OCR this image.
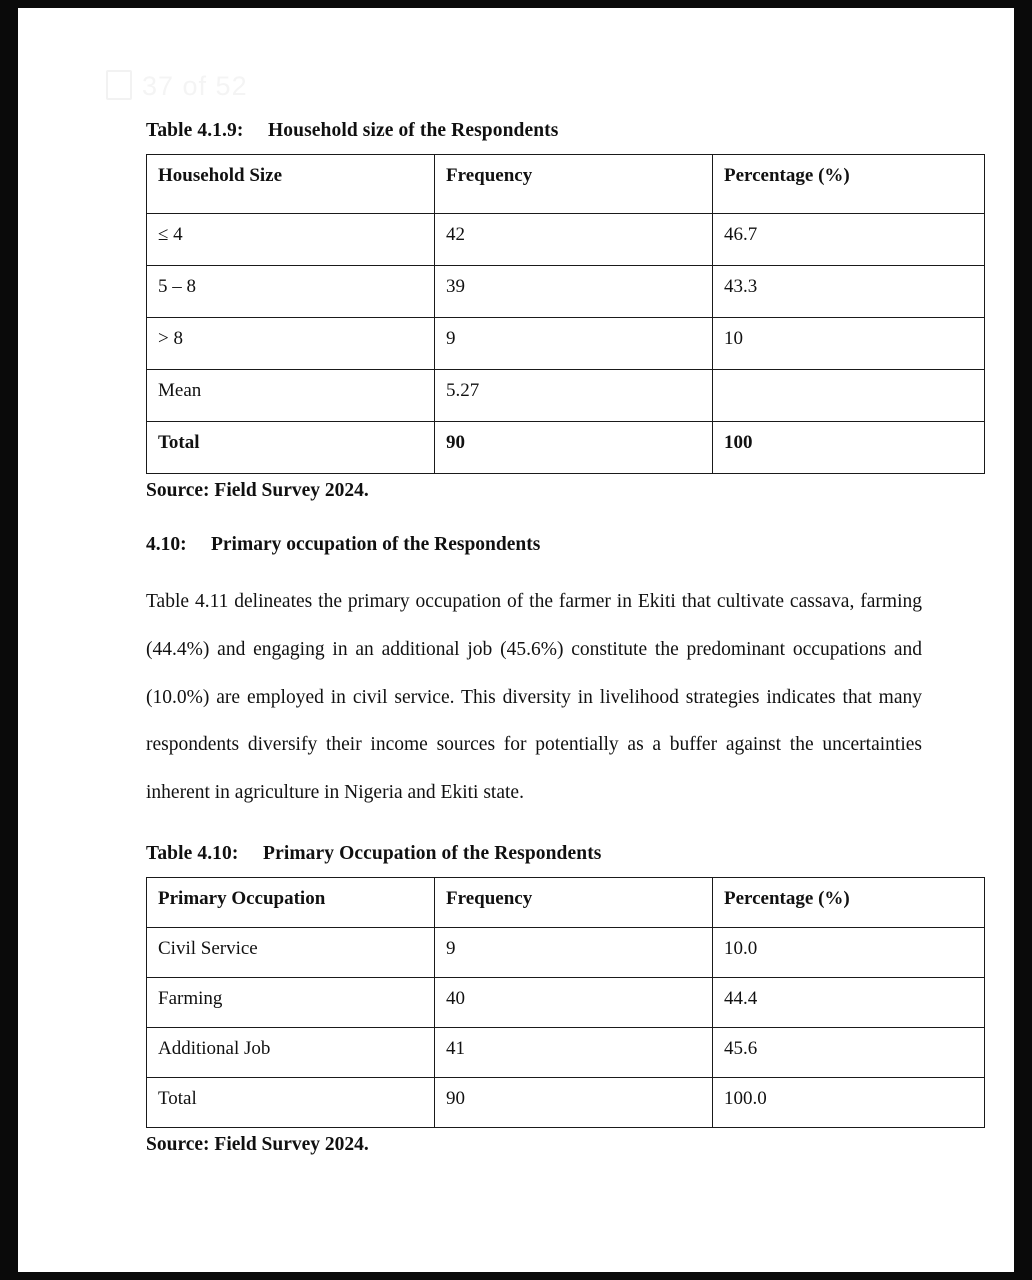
37 of 52
Table 4.1.9:  Household size of the Respondents
Household Size	Frequency	Percentage (%)
≤ 4	42	46.7
5 – 8	39	43.3
> 8	9	10
Mean	5.27	
Total	90	100

Source: Field Survey 2024.

4.10:  Primary occupation of the Respondents

Table 4.11 delineates the primary occupation of the farmer in Ekiti that cultivate cassava, farming (44.4%) and engaging in an additional job (45.6%) constitute the predominant occupations and (10.0%) are employed in civil service. This diversity in livelihood strategies indicates that many respondents diversify their income sources for potentially as a buffer against the uncertainties inherent in agriculture in Nigeria and Ekiti state.

Table 4.10:  Primary Occupation of the Respondents
Primary Occupation	Frequency	Percentage (%)
Civil Service	9	10.0
Farming	40	44.4
Additional Job	41	45.6
Total	90	100.0

Source: Field Survey 2024.
